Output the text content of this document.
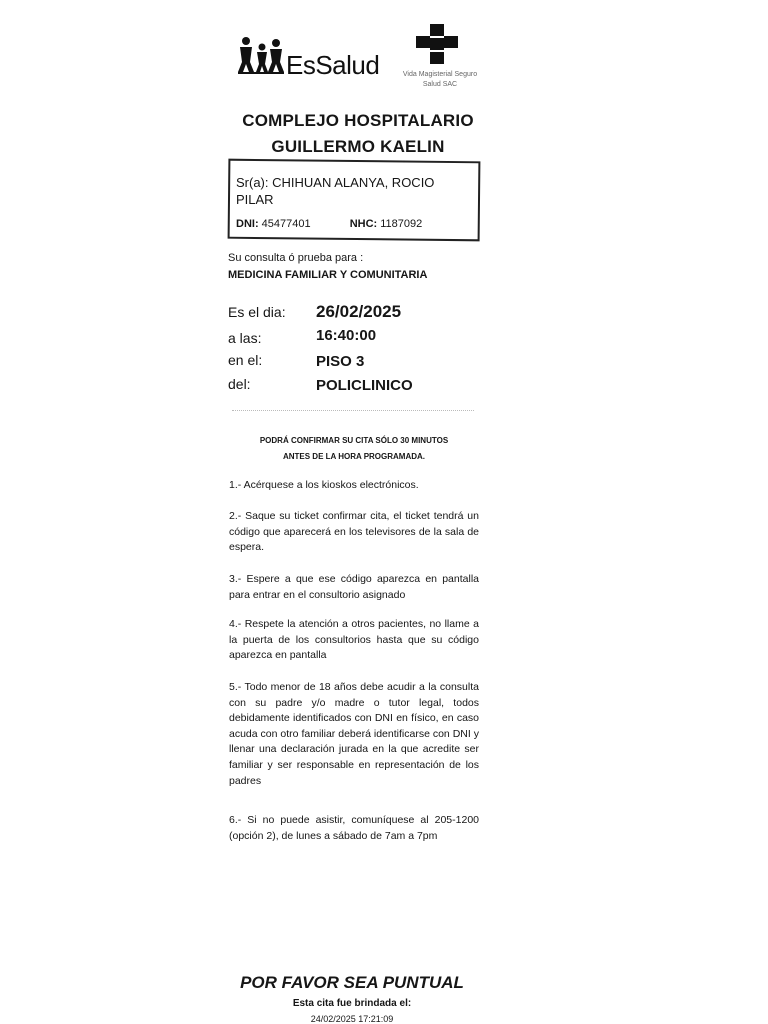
EsSalud	Vida Magisterial Seguro Salud SAC
COMPLEJO HOSPITALARIO
GUILLERMO KAELIN
Sr(a): CHIHUAN ALANYA, ROCIO PILAR
DNI: 45477401	NHC: 1187092
Su consulta ó prueba para :
MEDICINA FAMILIAR Y COMUNITARIA
Es el dia: 26/02/2025
a las:	16:40:00
en el:	PISO 3
del:	POLICLINICO
PODRÁ CONFIRMAR SU CITA SÓLO 30 MINUTOS
ANTES DE LA HORA PROGRAMADA.
1.- Acérquese a los kioskos electrónicos.
2.- Saque su ticket confirmar cita, el ticket tendrá un código que aparecerá en los televisores de la sala de espera.
3.- Espere a que ese código aparezca en pantalla para entrar en el consultorio asignado
4.- Respete la atención a otros pacientes, no llame a la puerta de los consultorios hasta que su código aparezca en pantalla
5.- Todo menor de 18 años debe acudir a la consulta con su padre y/o madre o tutor legal, todos debidamente identificados con DNI en físico, en caso acuda con otro familiar deberá identificarse con DNI y llenar una declaración jurada en la que acredite ser familiar y ser responsable en representación de los padres
6.- Si no puede asistir, comuníquese al 205-1200 (opción 2), de lunes a sábado de 7am a 7pm
POR FAVOR SEA PUNTUAL
Esta cita fue brindada el:
24/02/2025 17:21:09
